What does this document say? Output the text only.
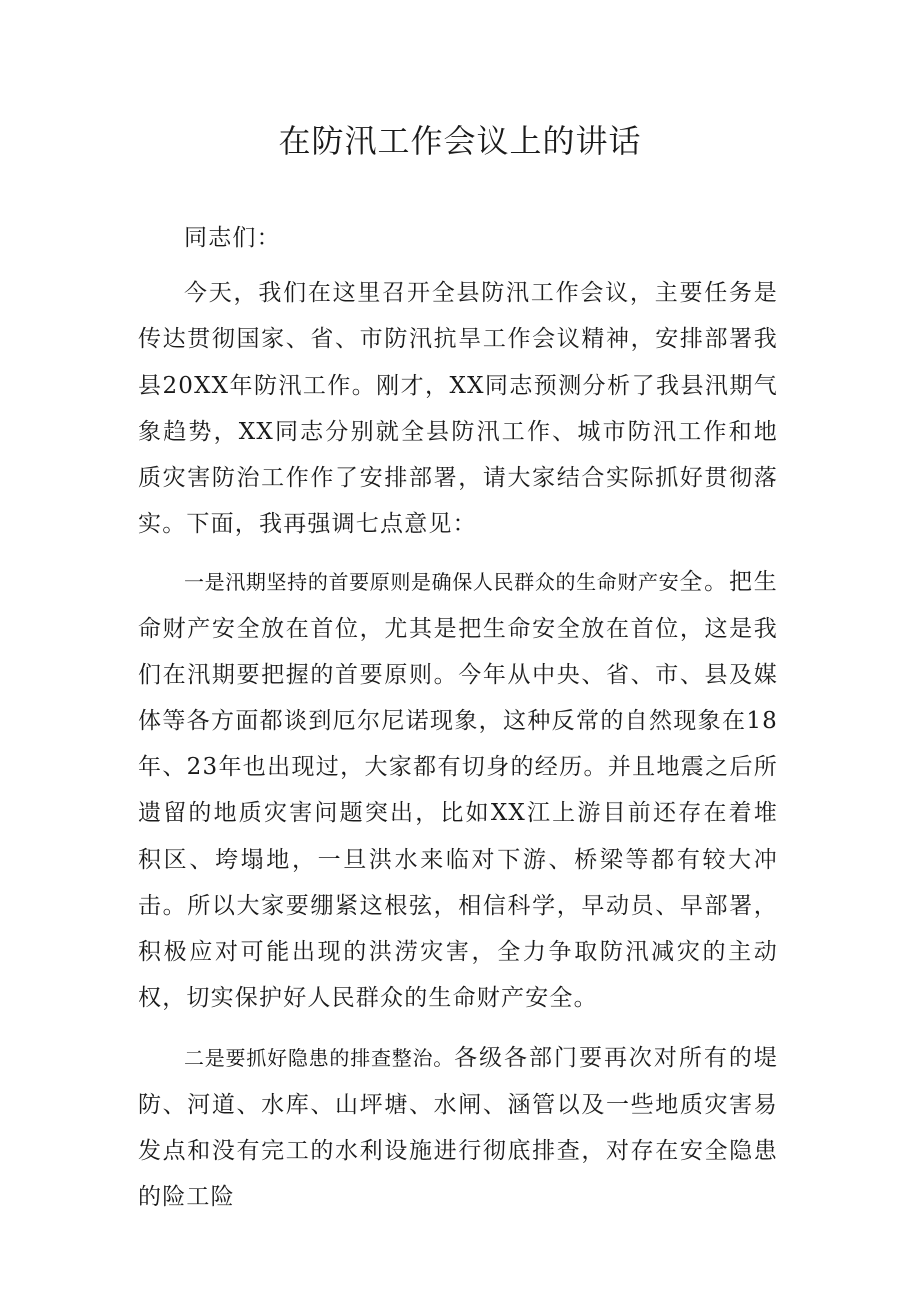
在防汛工作会议上的讲话

同志们：

今天，我们在这里召开全县防汛工作会议，主要任务是传达贯彻国家、省、市防汛抗旱工作会议精神，安排部署我县20XX年防汛工作。刚才，XX同志预测分析了我县汛期气象趋势，XX同志分别就全县防汛工作、城市防汛工作和地质灾害防治工作作了安排部署，请大家结合实际抓好贯彻落实。下面，我再强调七点意见：

一是汛期坚持的首要原则是确保人民群众的生命财产安全。把生命财产安全放在首位，尤其是把生命安全放在首位，这是我们在汛期要把握的首要原则。今年从中央、省、市、县及媒体等各方面都谈到厄尔尼诺现象，这种反常的自然现象在18年、23年也出现过，大家都有切身的经历。并且地震之后所遗留的地质灾害问题突出，比如XX江上游目前还存在着堆积区、垮塌地，一旦洪水来临对下游、桥梁等都有较大冲击。所以大家要绷紧这根弦，相信科学，早动员、早部署，积极应对可能出现的洪涝灾害，全力争取防汛减灾的主动权，切实保护好人民群众的生命财产安全。

二是要抓好隐患的排查整治。各级各部门要再次对所有的堤防、河道、水库、山坪塘、水闸、涵管以及一些地质灾害易发点和没有完工的水利设施进行彻底排查，对存在安全隐患的险工险
